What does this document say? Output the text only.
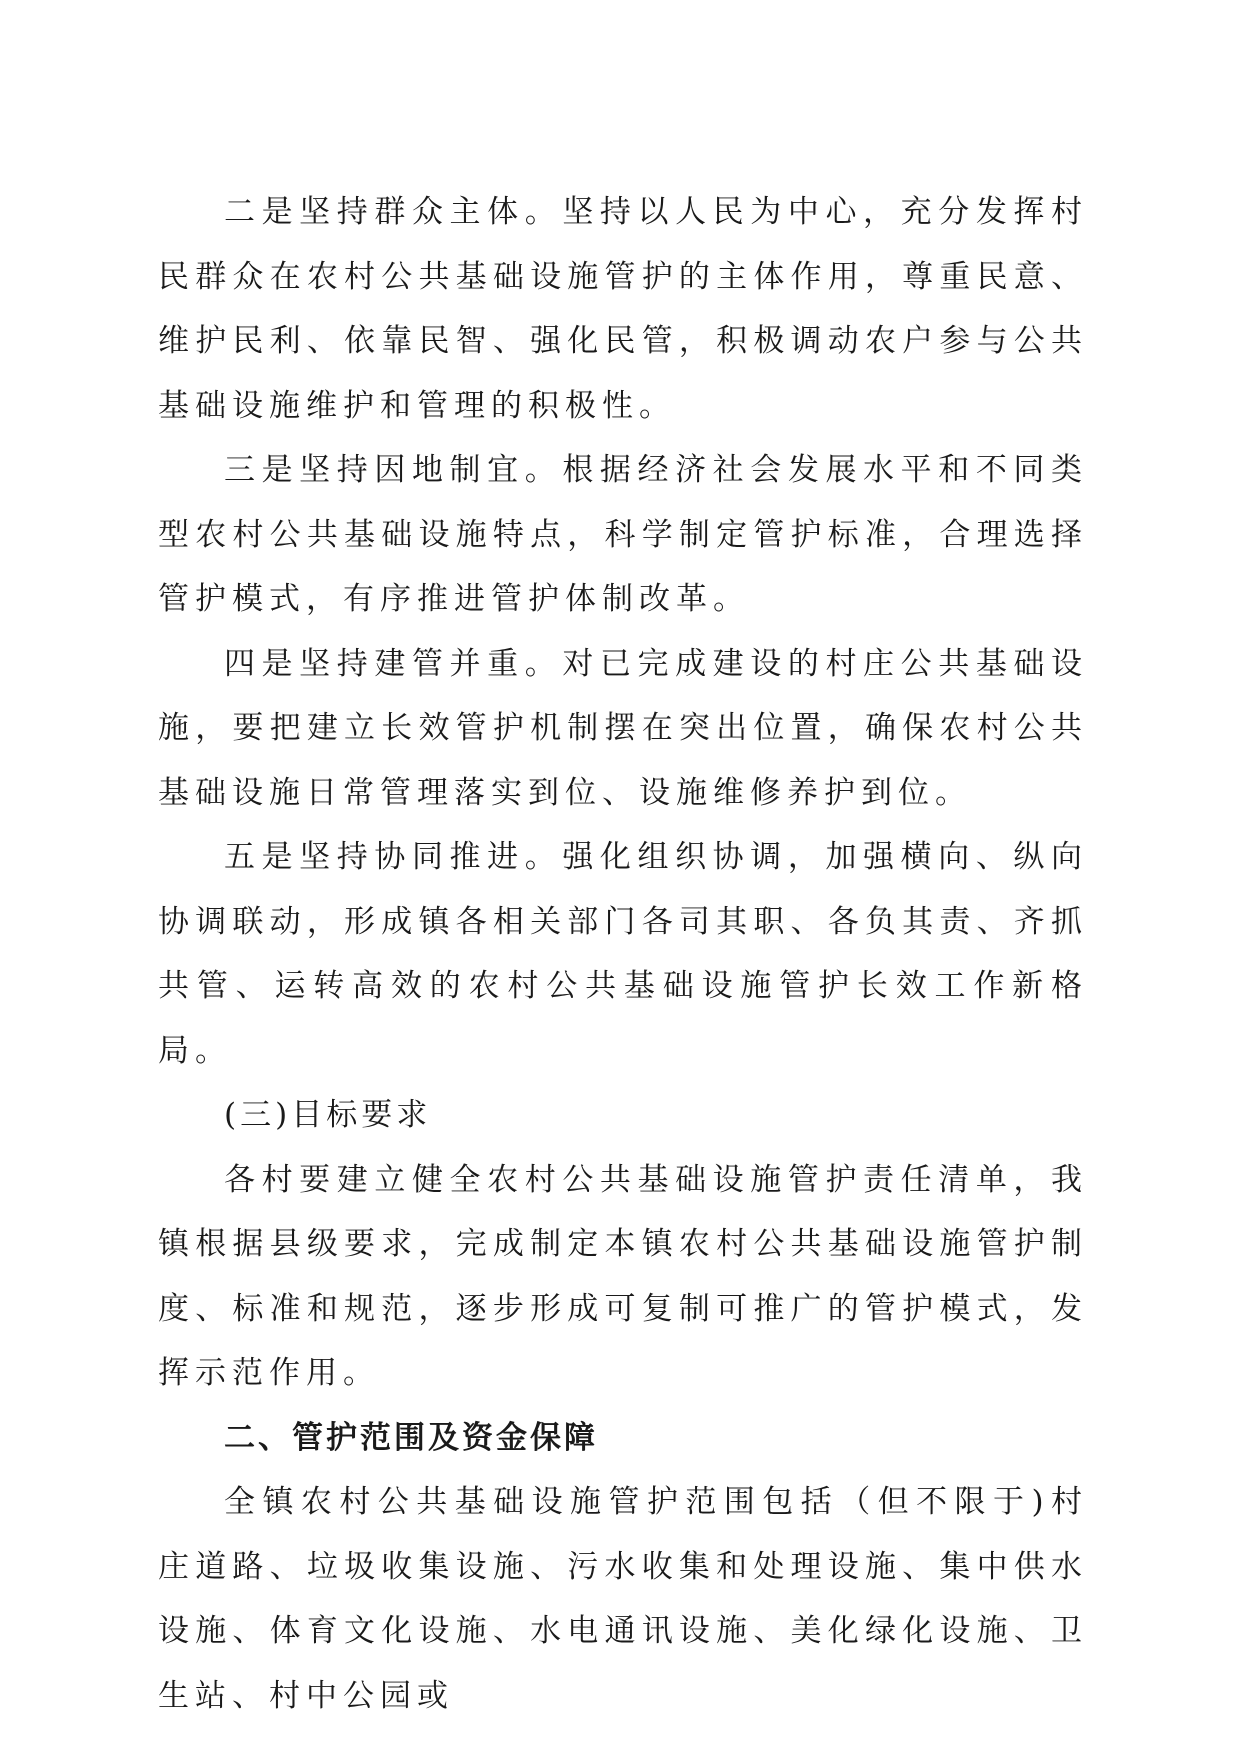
二是坚持群众主体。坚持以人民为中心，充分发挥村民群众在农村公共基础设施管护的主体作用，尊重民意、维护民利、依靠民智、强化民管，积极调动农户参与公共基础设施维护和管理的积极性。

三是坚持因地制宜。根据经济社会发展水平和不同类型农村公共基础设施特点，科学制定管护标准，合理选择管护模式，有序推进管护体制改革。

四是坚持建管并重。对已完成建设的村庄公共基础设施，要把建立长效管护机制摆在突出位置，确保农村公共基础设施日常管理落实到位、设施维修养护到位。

五是坚持协同推进。强化组织协调，加强横向、纵向协调联动，形成镇各相关部门各司其职、各负其责、齐抓共管、运转高效的农村公共基础设施管护长效工作新格局。

(三)目标要求

各村要建立健全农村公共基础设施管护责任清单，我镇根据县级要求，完成制定本镇农村公共基础设施管护制度、标准和规范，逐步形成可复制可推广的管护模式，发挥示范作用。

二、管护范围及资金保障

全镇农村公共基础设施管护范围包括（但不限于)村庄道路、垃圾收集设施、污水收集和处理设施、集中供水设施、体育文化设施、水电通讯设施、美化绿化设施、卫生站、村中公园或
